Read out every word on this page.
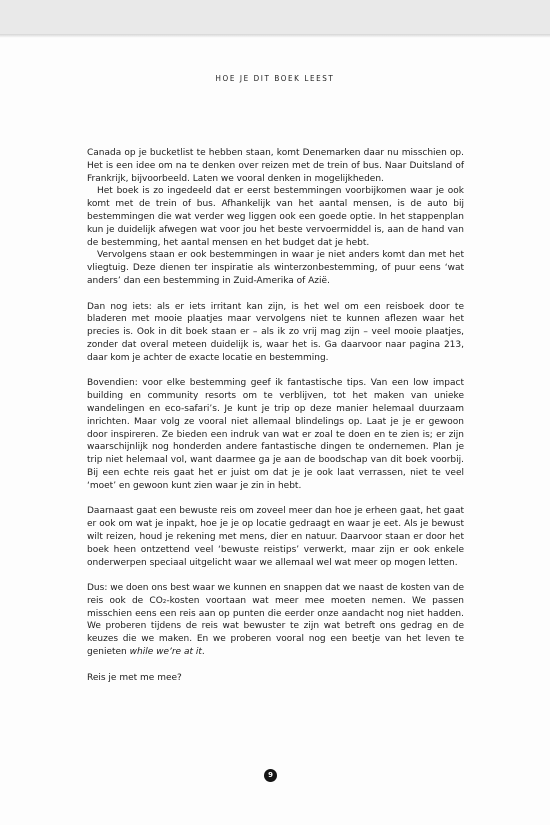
HOE JE DIT BOEK LEEST

Canada op je bucketlist te hebben staan, komt Denemarken daar nu misschien op. Het is een idee om na te denken over reizen met de trein of bus. Naar Duitsland of Frankrijk, bijvoorbeeld. Laten we vooral denken in mogelijkheden.

Het boek is zo ingedeeld dat er eerst bestemmingen voorbijkomen waar je ook komt met de trein of bus. Afhankelijk van het aantal mensen, is de auto bij bestemmingen die wat verder weg liggen ook een goede optie. In het stappenplan kun je duidelijk afwegen wat voor jou het beste vervoermiddel is, aan de hand van de bestemming, het aantal mensen en het budget dat je hebt.

Vervolgens staan er ook bestemmingen in waar je niet anders komt dan met het vliegtuig. Deze dienen ter inspiratie als winterzonbestemming, of puur eens ‘wat anders’ dan een bestemming in Zuid-Amerika of Azië.

Dan nog iets: als er iets irritant kan zijn, is het wel om een reisboek door te bladeren met mooie plaatjes maar vervolgens niet te kunnen aflezen waar het precies is. Ook in dit boek staan er – als ik zo vrij mag zijn – veel mooie plaatjes, zonder dat overal meteen duidelijk is, waar het is. Ga daarvoor naar pagina 213, daar kom je achter de exacte locatie en bestemming.

Bovendien: voor elke bestemming geef ik fantastische tips. Van een low impact building en community resorts om te verblijven, tot het maken van unieke wandelingen en eco-safari’s. Je kunt je trip op deze manier helemaal duurzaam inrichten. Maar volg ze vooral niet allemaal blindelings op. Laat je je er gewoon door inspireren. Ze bieden een indruk van wat er zoal te doen en te zien is; er zijn waarschijnlijk nog honderden andere fantastische dingen te ondernemen. Plan je trip niet helemaal vol, want daarmee ga je aan de boodschap van dit boek voorbij. Bij een echte reis gaat het er juist om dat je je ook laat verrassen, niet te veel ‘moet’ en gewoon kunt zien waar je zin in hebt.

Daarnaast gaat een bewuste reis om zoveel meer dan hoe je erheen gaat, het gaat er ook om wat je inpakt, hoe je je op locatie gedraagt en waar je eet. Als je bewust wilt reizen, houd je rekening met mens, dier en natuur. Daarvoor staan er door het boek heen ontzettend veel ‘bewuste reistips’ verwerkt, maar zijn er ook enkele onderwerpen speciaal uitgelicht waar we allemaal wel wat meer op mogen letten.

Dus: we doen ons best waar we kunnen en snappen dat we naast de kosten van de reis ook de CO₂-kosten voortaan wat meer mee moeten nemen. We passen misschien eens een reis aan op punten die eerder onze aandacht nog niet hadden. We proberen tijdens de reis wat bewuster te zijn wat betreft ons gedrag en de keuzes die we maken. En we proberen vooral nog een beetje van het leven te genieten while we’re at it.

Reis je met me mee?

9
